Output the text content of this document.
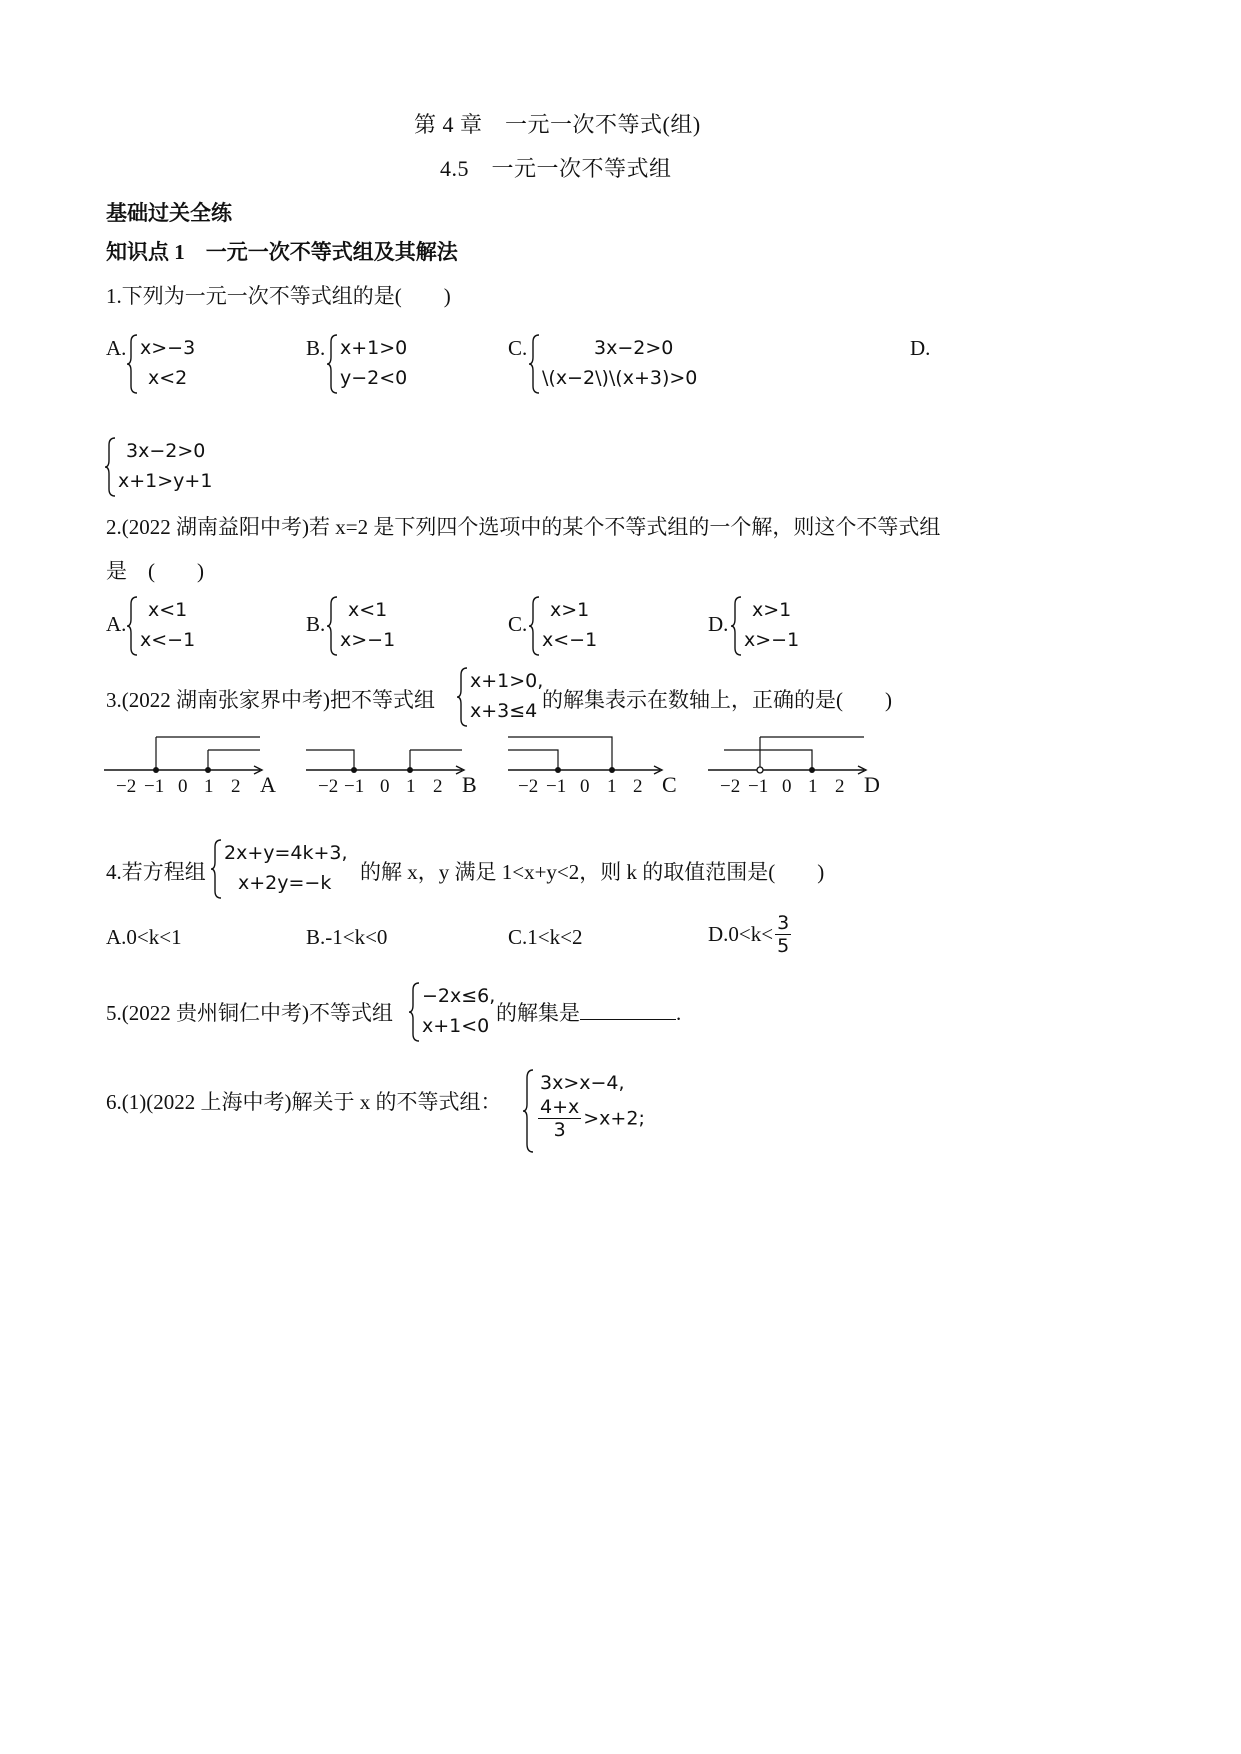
第 4 章　一元一次不等式(组)
4.5　一元一次不等式组
基础过关全练
知识点 1　一元一次不等式组及其解法
1.下列为一元一次不等式组的是(　　)
A. x>−3
x<2
B. x+1>0
y−2<0
C.	3x−2>0
\(x−2\)\(x+3)>0
D.
3x−2>0
x+1>y+1
2.(2022 湖南益阳中考)若 x=2 是下列四个选项中的某个不等式组的一个解，则这个不等式组
是　(　　)
A.
x<1
x<−1
B.
x<1
x>−1
C.
x>1
x<−1
D.
x>1
x>−1
3.(2022 湖南张家界中考)把不等式组
x+1>0,
x+3≤4 的解集表示在数轴上，正确的是(　　)
−2 −1 0 1 2 A −2 −1 0 1 2 B −2 −1 0 1 2 C −2 −1 0 1 2 D
4.若方程组
2x+y=4k+3,
x+2y=−k	的解 x，y 满足 1<x+y<2，则 k 的取值范围是(　　)
A.0<k<1	B.-1<k<0	C.1<k<2	$D.0<k< \frac{3}{5}$
5.(2022 贵州铜仁中考)不等式组
−2x≤6,
x+1<0
的解集是	.
6.(1)(2022 上海中考)解关于 x 的不等式组：
3x>x−4,
$\frac{4+x}{3} >x+2$;
